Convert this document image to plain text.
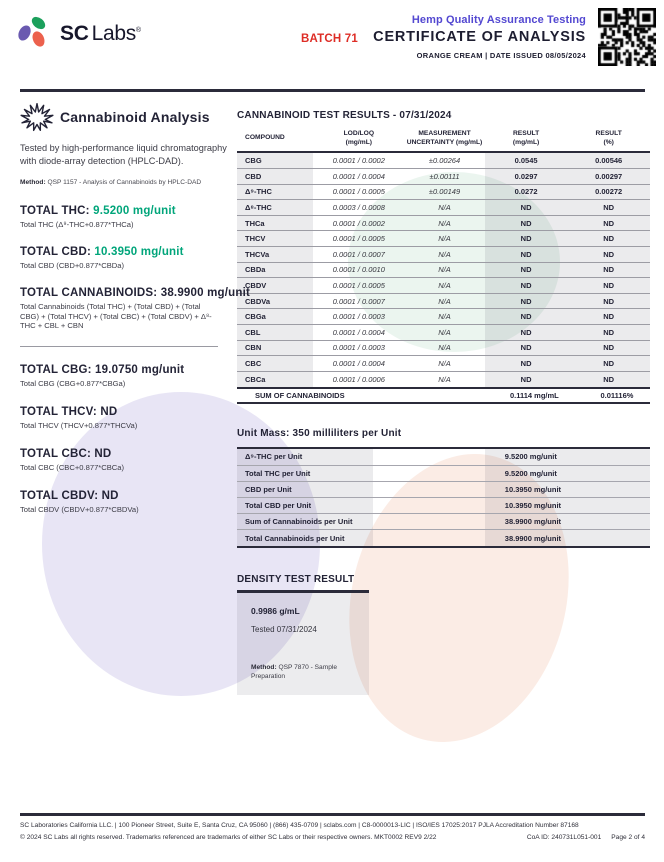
SC Labs®
BATCH 71
Hemp Quality Assurance Testing
CERTIFICATE OF ANALYSIS
ORANGE CREAM | DATE ISSUED 08/05/2024
Cannabinoid Analysis
Tested by high-performance liquid chromatography with diode-array detection (HPLC-DAD).
Method: QSP 1157 - Analysis of Cannabinoids by HPLC-DAD
TOTAL THC: 9.5200 mg/unit
Total THC (Δ⁹-THC+0.877*THCa)
TOTAL CBD: 10.3950 mg/unit
Total CBD (CBD+0.877*CBDa)
TOTAL CANNABINOIDS: 38.9900 mg/unit
Total Cannabinoids (Total THC) + (Total CBD) + (Total CBG) + (Total THCV) + (Total CBC) + (Total CBDV) + Δ⁸-THC + CBL + CBN
TOTAL CBG: 19.0750 mg/unit
Total CBG (CBG+0.877*CBGa)
TOTAL THCV: ND
Total THCV (THCV+0.877*THCVa)
TOTAL CBC: ND
Total CBC (CBC+0.877*CBCa)
TOTAL CBDV: ND
Total CBDV (CBDV+0.877*CBDVa)
CANNABINOID TEST RESULTS - 07/31/2024
COMPOUND
LOD/LOQ
(mg/mL)
MEASUREMENT
UNCERTAINTY (mg/mL)
RESULT
(mg/mL)
RESULT
(%)
CBG	0.0001 / 0.0002	±0.00264	0.0545	0.00546
CBD	0.0001 / 0.0004	±0.00111	0.0297	0.00297
Δ⁹-THC	0.0001 / 0.0005	±0.00149	0.0272	0.00272
Δ⁸-THC	0.0003 / 0.0008	N/A	ND	ND
THCa	0.0001 / 0.0002	N/A	ND	ND
THCV	0.0001 / 0.0005	N/A	ND	ND
THCVa	0.0001 / 0.0007	N/A	ND	ND
CBDa	0.0001 / 0.0010	N/A	ND	ND
CBDV	0.0001 / 0.0005	N/A	ND	ND
CBDVa	0.0001 / 0.0007	N/A	ND	ND
CBGa	0.0001 / 0.0003	N/A	ND	ND
CBL	0.0001 / 0.0004	N/A	ND	ND
CBN	0.0001 / 0.0003	N/A	ND	ND
CBC	0.0001 / 0.0004	N/A	ND	ND
CBCa	0.0001 / 0.0006	N/A	ND	ND
SUM OF CANNABINOIDS	0.1114 mg/mL	0.01116%
Unit Mass: 350 milliliters per Unit
Δ⁹-THC per Unit	9.5200 mg/unit
Total THC per Unit	9.5200 mg/unit
CBD per Unit	10.3950 mg/unit
Total CBD per Unit	10.3950 mg/unit
Sum of Cannabinoids per Unit	38.9900 mg/unit
Total Cannabinoids per Unit	38.9900 mg/unit
DENSITY TEST RESULT
0.9986 g/mL
Tested 07/31/2024
Method: QSP 7870 - Sample Preparation
SC Laboratories California LLC. | 100 Pioneer Street, Suite E, Santa Cruz, CA 95060 | (866) 435-0709 | sclabs.com | C8-0000013-LIC | ISO/IES 17025:2017 PJLA Accreditation Number 87168
© 2024 SC Labs all rights reserved. Trademarks referenced are trademarks of either SC Labs or their respective owners. MKT0002 REV9 2/22	CoA ID: 240731L051-001 Page 2 of 4
